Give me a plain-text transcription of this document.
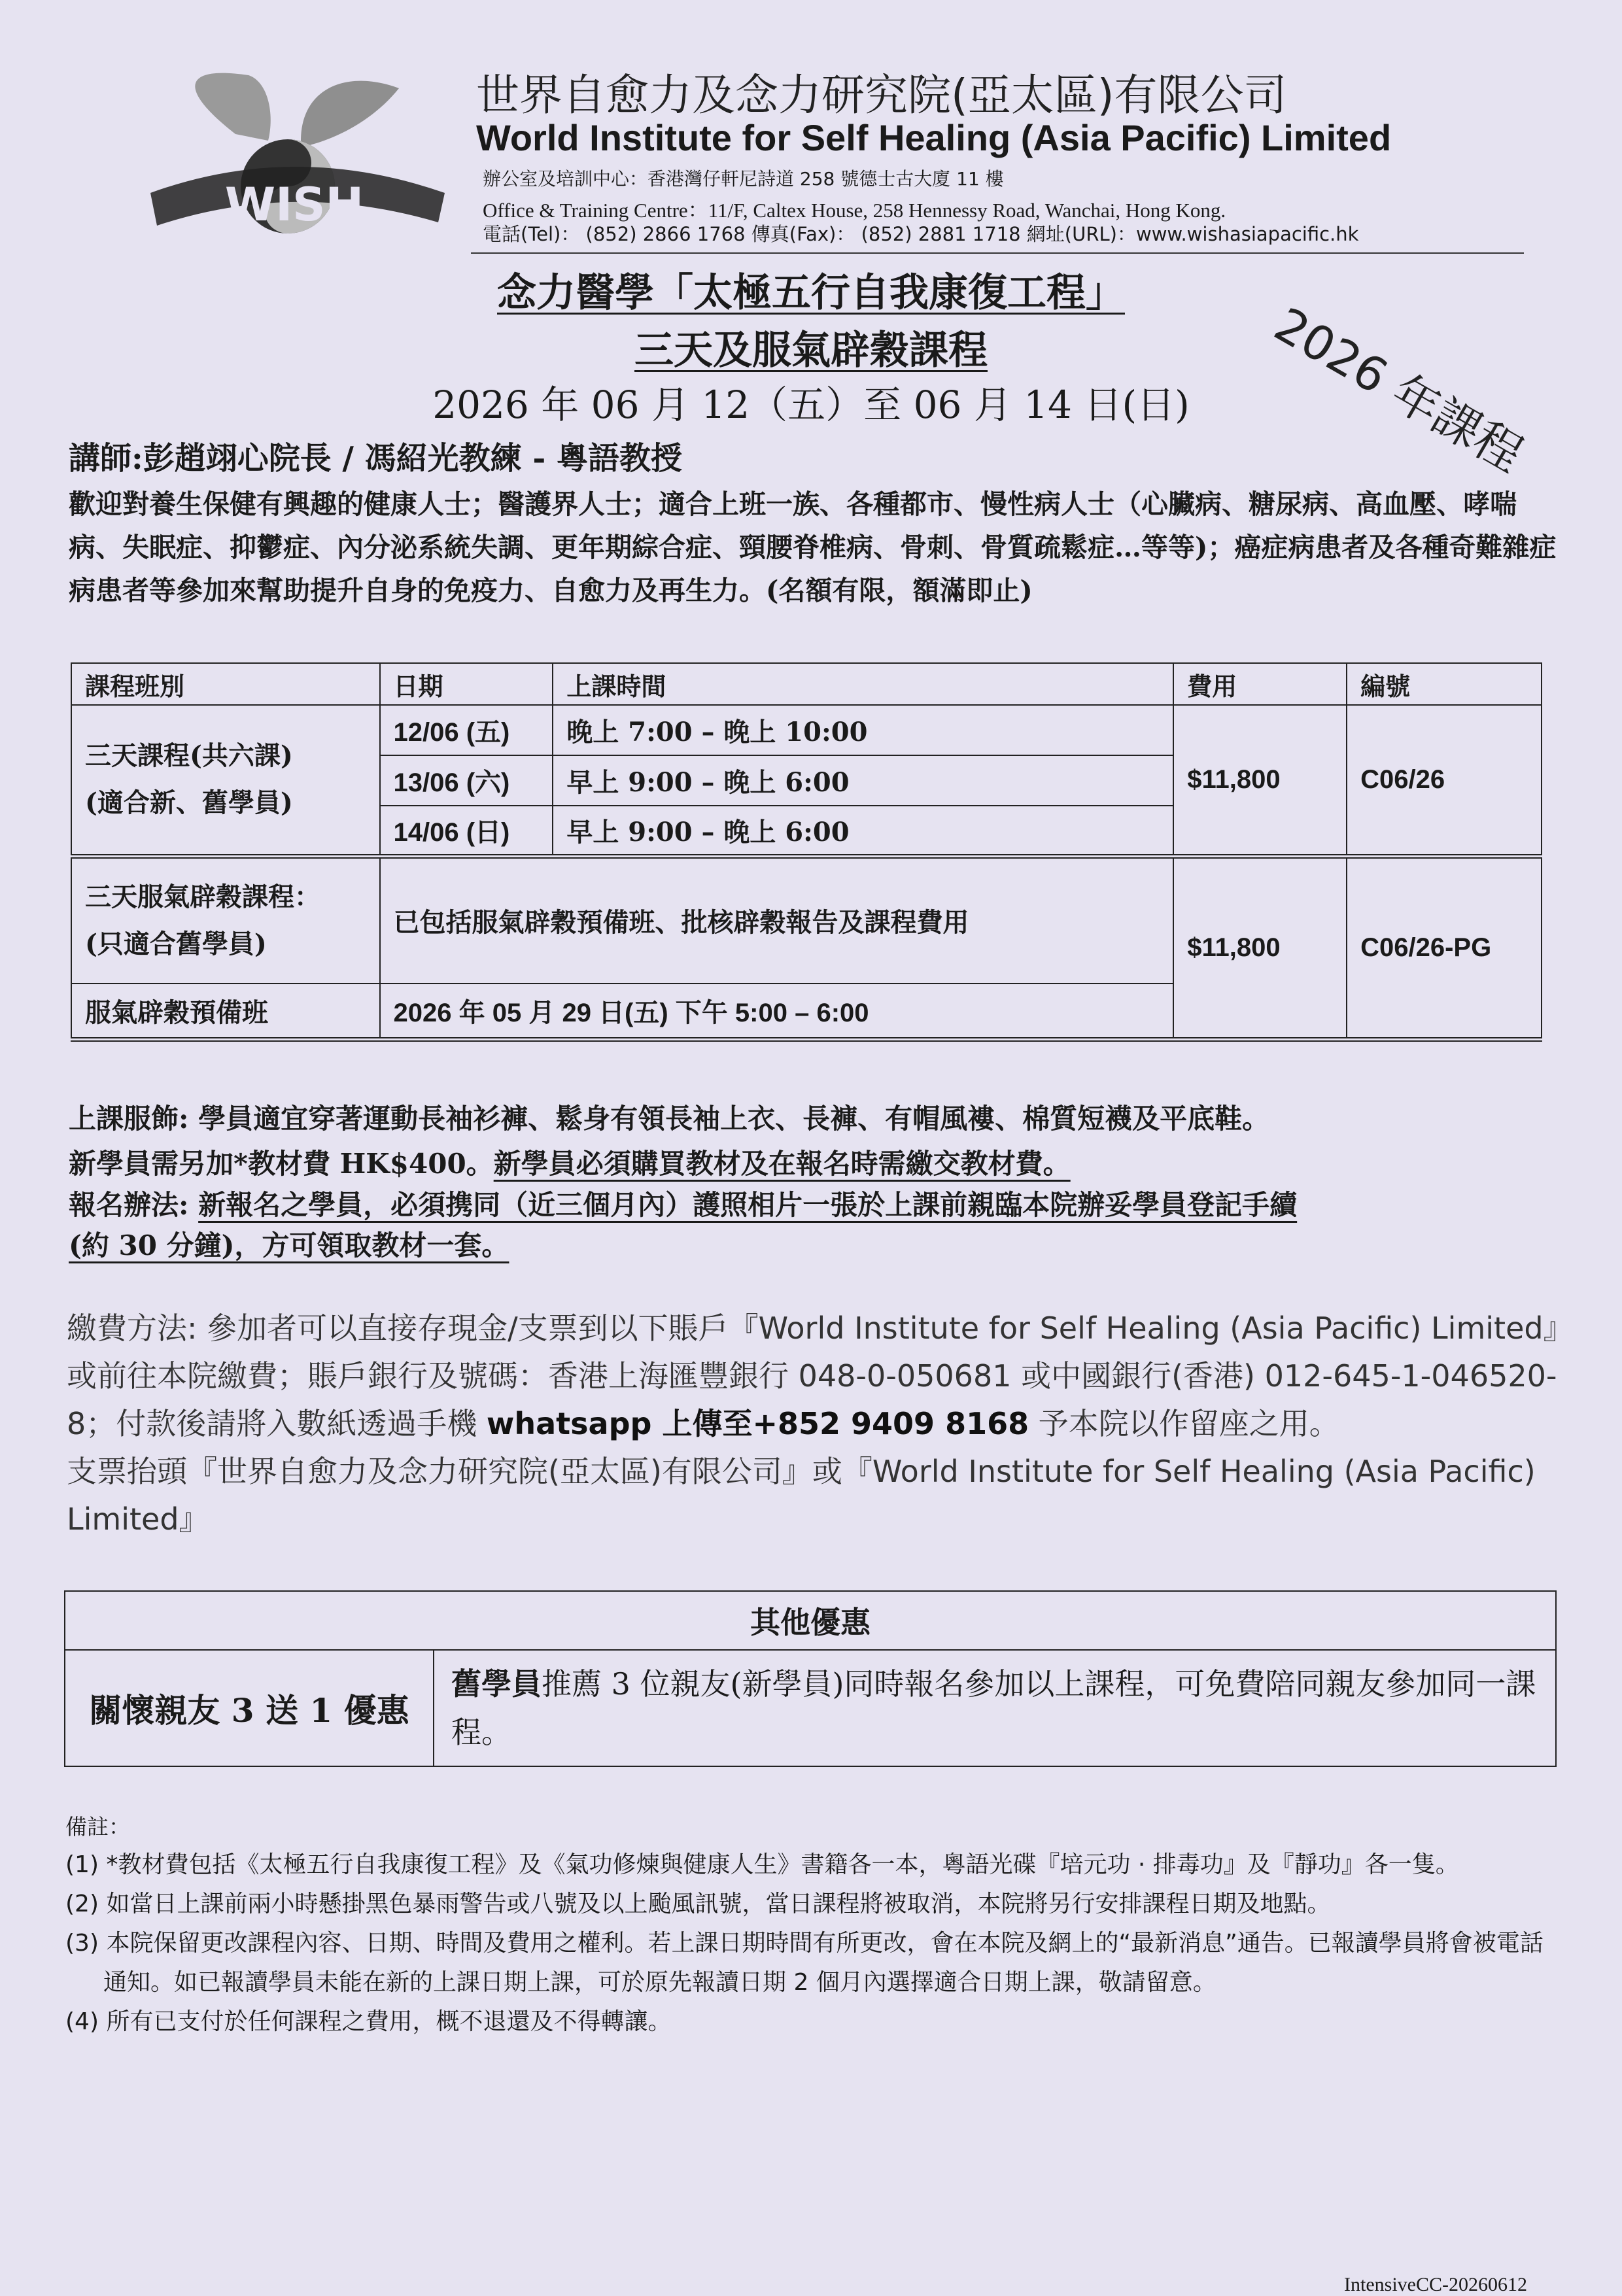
WISH
世界自愈力及念力研究院(亞太區)有限公司
World Institute for Self Healing (Asia Pacific) Limited
辦公室及培訓中心：香港灣仔軒尼詩道 258 號德士古大廈 11 樓
Office & Training Centre：11/F, Caltex House, 258 Hennessy Road, Wanchai, Hong Kong.
電話(Tel)： (852) 2866 1768 傳真(Fax)： (852) 2881 1718 網址(URL)：www.wishasiapacific.hk
念力醫學「太極五行自我康復工程」
三天及服氣辟穀課程
2026 年 06 月 12（五）至 06 月 14 日(日)	2026 年課程
講師:彭趙翊心院長 / 馮紹光教練 - 粵語教授
歡迎對養生保健有興趣的健康人士；醫護界人士；適合上班一族、各種都市、慢性病人士（心臟病、糖尿病、高血壓、哮喘病、失眠症、抑鬱症、內分泌系統失調、更年期綜合症、頸腰脊椎病、骨刺、骨質疏鬆症…等等)；癌症病患者及各種奇難雜症病患者等參加來幫助提升自身的免疫力、自愈力及再生力。(名額有限，額滿即止)
課程班別	日期	上課時間	費用	編號

三天課程(共六課)
(適合新、舊學員)	12/06 (五)	晚上 7:00 – 晚上 10:00	$11,800	C06/26
	13/06 (六)	早上 9:00 – 晚上 6:00		
	14/06 (日)	早上 9:00 – 晚上 6:00		

三天服氣辟穀課程：
(只適合舊學員)	已包括服氣辟穀預備班、批核辟穀報告及課程費用		$11,800	C06/26-PG
服氣辟穀預備班	2026 年 05 月 29 日(五) 下午 5:00 – 6:00			
上課服飾: 學員適宜穿著運動長袖衫褲、鬆身有領長袖上衣、長褲、有帽風褸、棉質短襪及平底鞋。
新學員需另加*教材費 HK$400。新學員必須購買教材及在報名時需繳交教材費。
報名辦法: 新報名之學員，必須携同（近三個月內）護照相片一張於上課前親臨本院辦妥學員登記手續
(約 30 分鐘)，方可領取教材一套。
繳費方法: 參加者可以直接存現金/支票到以下賬戶『World Institute for Self Healing (Asia Pacific) Limited』或前往本院繳費；賬戶銀行及號碼：香港上海匯豐銀行 048-0-050681 或中國銀行(香港) 012-645-1-046520-8；付款後請將入數紙透過手機 whatsapp 上傳至+852 9409 8168 予本院以作留座之用。
支票抬頭『世界自愈力及念力研究院(亞太區)有限公司』或『World Institute for Self Healing (Asia Pacific) Limited』
其他優惠
關懷親友 3 送 1 優惠	舊學員推薦 3 位親友(新學員)同時報名參加以上課程，可免費陪同親友參加同一課程。
備註：
(1) *教材費包括《太極五行自我康復工程》及《氣功修煉與健康人生》書籍各一本，粵語光碟『培元功 · 排毒功』及『靜功』各一隻。
(2) 如當日上課前兩小時懸掛黑色暴雨警告或八號及以上颱風訊號，當日課程將被取消，本院將另行安排課程日期及地點。
(3) 本院保留更改課程內容、日期、時間及費用之權利。若上課日期時間有所更改，會在本院及網上的“最新消息”通告。已報讀學員將會被電話通知。如已報讀學員未能在新的上課日期上課，可於原先報讀日期 2 個月內選擇適合日期上課，敬請留意。
(4) 所有已支付於任何課程之費用，概不退還及不得轉讓。
IntensiveCC-20260612
